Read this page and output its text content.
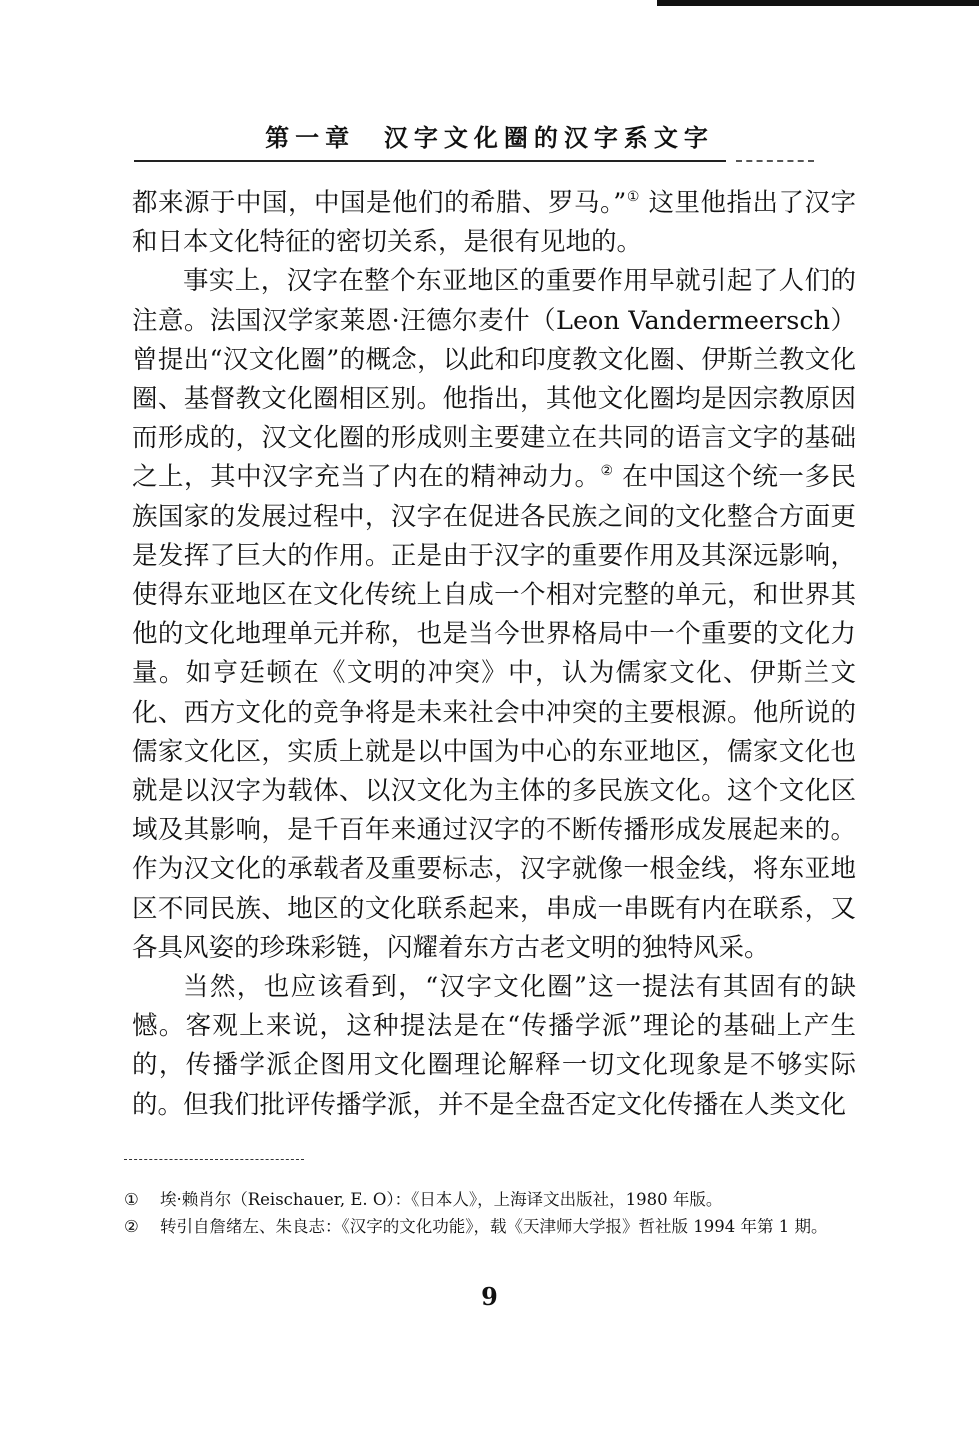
第一章 汉字文化圈的汉字系文字

都来源于中国，中国是他们的希腊、罗马。”① 这里他指出了汉字和日本文化特征的密切关系，是很有见地的。

事实上，汉字在整个东亚地区的重要作用早就引起了人们的注意。法国汉学家莱恩·汪德尔麦什（Leon Vandermeersch）曾提出“汉文化圈”的概念，以此和印度教文化圈、伊斯兰教文化圈、基督教文化圈相区别。他指出，其他文化圈均是因宗教原因而形成的，汉文化圈的形成则主要建立在共同的语言文字的基础之上，其中汉字充当了内在的精神动力。② 在中国这个统一多民族国家的发展过程中，汉字在促进各民族之间的文化整合方面更是发挥了巨大的作用。正是由于汉字的重要作用及其深远影响，使得东亚地区在文化传统上自成一个相对完整的单元，和世界其他的文化地理单元并称，也是当今世界格局中一个重要的文化力量。如亨廷顿在《文明的冲突》中，认为儒家文化、伊斯兰文化、西方文化的竞争将是未来社会中冲突的主要根源。他所说的儒家文化区，实质上就是以中国为中心的东亚地区，儒家文化也就是以汉字为载体、以汉文化为主体的多民族文化。这个文化区域及其影响，是千百年来通过汉字的不断传播形成发展起来的。作为汉文化的承载者及重要标志，汉字就像一根金线，将东亚地区不同民族、地区的文化联系起来，串成一串既有内在联系，又各具风姿的珍珠彩链，闪耀着东方古老文明的独特风采。

当然，也应该看到，“汉字文化圈”这一提法有其固有的缺憾。客观上来说，这种提法是在“传播学派”理论的基础上产生的，传播学派企图用文化圈理论解释一切文化现象是不够实际的。但我们批评传播学派，并不是全盘否定文化传播在人类文化

①	埃·赖肖尔（Reischauer, E. O）：《日本人》，上海译文出版社，1980 年版。
②	转引自詹绪左、朱良志：《汉字的文化功能》，载《天津师大学报》哲社版 1994 年第 1 期。
9
